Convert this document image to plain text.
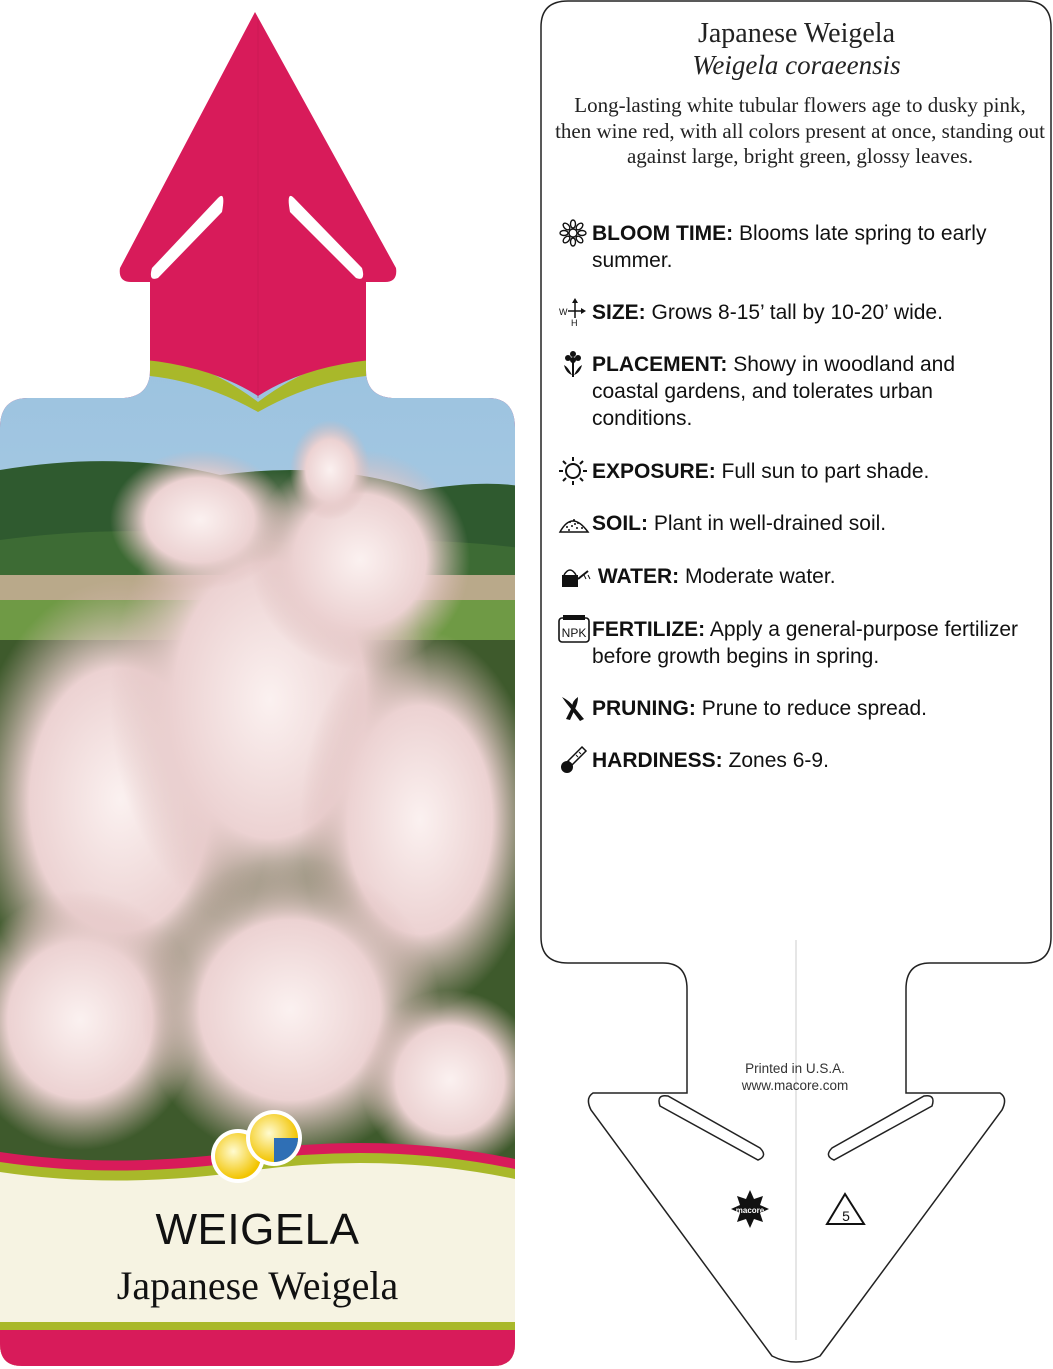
macore	5
WEIGELA
Japanese Weigela
Japanese Weigela
Weigela coraeensis
Long-lasting white tubular flowers age to dusky pink, then wine red, with all colors present at once, standing out against large, bright green, glossy leaves.
BLOOM TIME: Blooms late spring to early summer.
W
H SIZE: Grows 8-15’ tall by 10-20’ wide.
PLACEMENT: Showy in woodland and coastal gardens, and tolerates urban conditions.
EXPOSURE: Full sun to part shade.
SOIL: Plant in well-drained soil.
WATER: Moderate water.
NPK FERTILIZE: Apply a general-purpose fertilizer before growth begins in spring.
PRUNING: Prune to reduce spread.
HARDINESS: Zones 6-9.
Printed in U.S.A.
www.macore.com
